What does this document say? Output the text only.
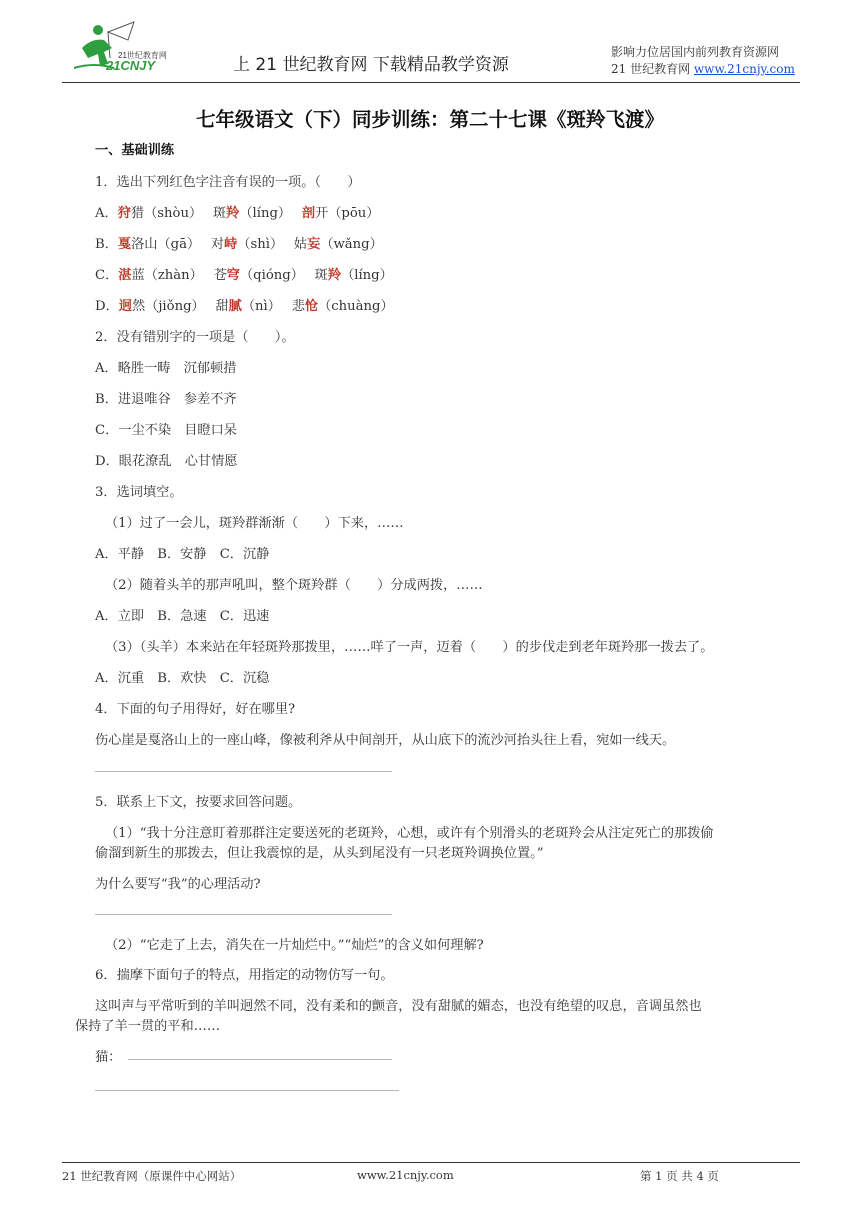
21世纪教育网
21CNJY	上 21 世纪教育网 下载精品教学资源
影响力位居国内前列教育资源网
21 世纪教育网 www.21cnjy.com
七年级语文（下）同步训练：第二十七课《斑羚飞渡》
一、基础训练
1．选出下列红色字注音有误的一项。（　　）
A．狩猎（shòu）　 斑羚（líng）　 剖开（pōu）
B．戛洛山（gā）　 对峙（shì）　 姑妄（wǎng）
C．湛蓝（zhàn）　 苍穹（qióng）　 斑羚（líng）
D．迥然（jiǒng）　 甜腻（nì）　 悲怆（chuàng）
2．没有错别字的一项是（　　）。
A．略胜一畴　沉郁顿措
B．进退唯谷　参差不齐
C．一尘不染　目瞪口呆
D．眼花潦乱　心甘情愿
3．选词填空。
（1）过了一会儿，斑羚群渐渐（　　）下来，……
A．平静　B．安静　C．沉静
（2）随着头羊的那声吼叫，整个斑羚群（　　）分成两拨，……
A．立即　B．急速　C．迅速
（3）（头羊）本来站在年轻斑羚那拨里，……咩了一声，迈着（　　）的步伐走到老年斑羚那一拨去了。
A．沉重　B．欢快　C．沉稳
4．下面的句子用得好，好在哪里?
伤心崖是戛洛山上的一座山峰，像被利斧从中间剖开，从山底下的流沙河抬头往上看，宛如一线天。
5．联系上下文，按要求回答问题。
（1）“我十分注意盯着那群注定要送死的老斑羚，心想，或许有个别滑头的老斑羚会从注定死亡的那拨偷
偷溜到新生的那拨去，但让我震惊的是，从头到尾没有一只老斑羚调换位置。”
为什么要写“我”的心理活动?
（2）“它走了上去，消失在一片灿烂中。”“灿烂”的含义如何理解?
6．揣摩下面句子的特点，用指定的动物仿写一句。
这叫声与平常听到的羊叫迥然不同，没有柔和的颤音，没有甜腻的媚态，也没有绝望的叹息，音调虽然也
保持了羊一贯的平和……
猫：
21 世纪教育网（原课件中心网站）	www.21cnjy.com	第 1 页 共 4 页
